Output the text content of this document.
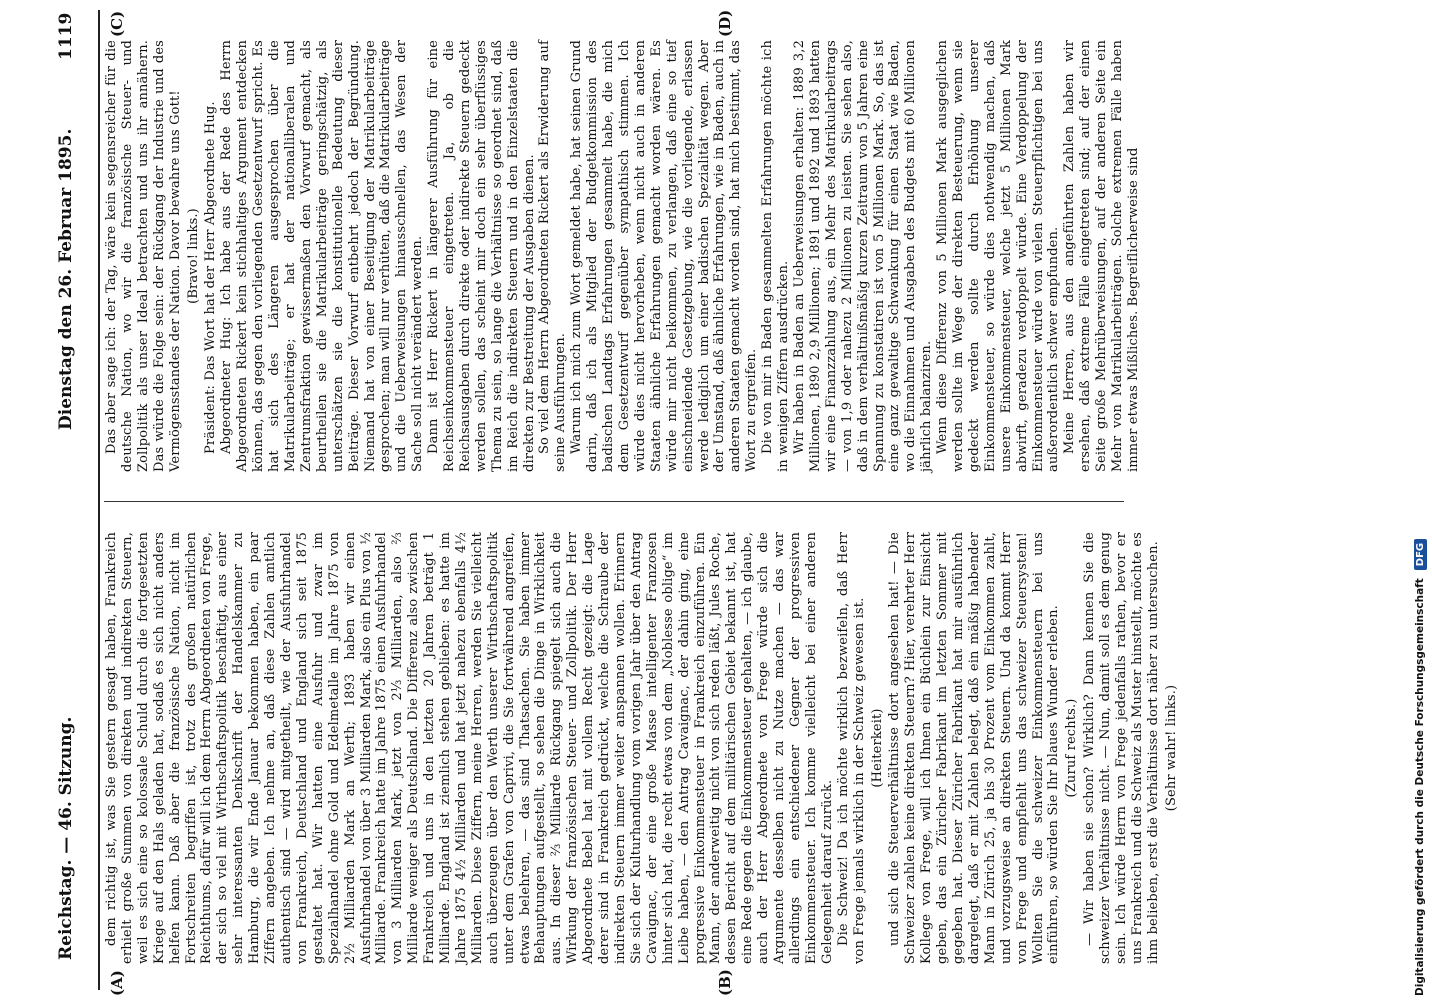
Reichstag. — 46. Sitzung.
Dienstag den 26. Februar 1895.
1119
(A)	(B)
(C)	(D)

dem richtig ist, was Sie gestern gesagt haben, Frankreich erhielt große Summen von direkten und indirekten Steuern, weil es sich eine so kolossale Schuld durch die fortgesetzten Kriege auf den Hals geladen hat, sodaß es sich nicht anders helfen kann. Daß aber die französische Nation, nicht im Fortschreiten begriffen ist, trotz des großen natürlichen Reichthums, dafür will ich dem Herrn Abgeordneten von Frege, der sich so viel mit Wirthschaftspolitik beschäftigt, aus einer sehr interessanten Denkschrift der Handelskammer zu Hamburg, die wir Ende Januar bekommen haben, ein paar Ziffern angeben. Ich nehme an, daß diese Zahlen amtlich authentisch sind — wird mitgetheilt, wie der Ausfuhrhandel von Frankreich, Deutschland und England sich seit 1875 gestaltet hat. Wir hatten eine Ausfuhr und zwar im Spezialhandel ohne Gold und Edelmetalle im Jahre 1875 von 2½ Milliarden Mark an Werth; 1893 haben wir einen Ausfuhrhandel von über 3 Milliarden Mark, also ein Plus von ½ Milliarde. Frankreich hatte im Jahre 1875 einen Ausfuhrhandel von 3 Milliarden Mark, jetzt von 2⅓ Milliarden, also ⅔ Milliarde weniger als Deutschland. Die Differenz also zwischen Frankreich und uns in den letzten 20 Jahren beträgt 1 Milliarde. England ist ziemlich stehen geblieben: es hatte im Jahre 1875 4½ Milliarden und hat jetzt nahezu ebenfalls 4½ Milliarden. Diese Ziffern, meine Herren, werden Sie vielleicht auch überzeugen über den Werth unserer Wirthschaftspolitik unter dem Grafen von Caprivi, die Sie fortwährend angreifen, etwas belehren, — das sind Thatsachen. Sie haben immer Behauptungen aufgestellt, so sehen die Dinge in Wirklichkeit aus. In dieser ⅔ Milliarde Rückgang spiegelt sich auch die Wirkung der französischen Steuer- und Zollpolitik. Der Herr Abgeordnete Bebel hat mit vollem Recht gezeigt: die Lage derer sind in Frankreich gedrückt, welche die Schraube der indirekten Steuern immer weiter anspannen wollen. Erinnern Sie sich der Kulturhandlung vom vorigen Jahr über den Antrag Cavaignac, der eine große Masse intelligenter Franzosen hinter sich hat, die recht etwas von dem „Noblesse oblige“ im Leibe haben, — den Antrag Cavaignac, der dahin ging, eine progressive Einkommensteuer in Frankreich einzuführen. Ein Mann, der anderweitig nicht von sich reden läßt, Jules Roche, dessen Bericht auf dem militärischen Gebiet bekannt ist, hat eine Rede gegen die Einkommensteuer gehalten, — ich glaube, auch der Herr Abgeordnete von Frege würde sich die Argumente desselben nicht zu Nutze machen — das war allerdings ein entschiedener Gegner der progressiven Einkommensteuer. Ich komme vielleicht bei einer anderen Gelegenheit darauf zurück. Die Schweiz! Da ich möchte wirklich bezweifeln, daß Herr von Frege jemals wirklich in der Schweiz gewesen ist. (Heiterkeit) und sich die Steuerverhältnisse dort angesehen hat! — Die Schweizer zahlen keine direkten Steuern? Hier, verehrter Herr Kollege von Frege, will ich Ihnen ein Büchlein zur Einsicht geben, das ein Züricher Fabrikant im letzten Sommer mit gegeben hat. Dieser Züricher Fabrikant hat mir ausführlich dargelegt, daß er mit Zahlen belegt, daß ein mäßig habender Mann in Zürich 25, ja bis 30 Prozent vom Einkommen zahlt, und vorzugsweise an direkten Steuern. Und da kommt Herr von Frege und empfiehlt uns das schweizer Steuersystem! Wollten Sie die schweizer Einkommensteuern bei uns einführen, so würden Sie Ihr blaues Wunder erleben. (Zuruf rechts.) — Wir haben sie schon? Wirklich? Dann kennen Sie die schweizer Verhältnisse nicht. — Nun, damit soll es dem genug sein. Ich würde Herrn von Frege jedenfalls rathen, bevor er uns Frankreich und die Schweiz als Muster hinstellt, möchte es ihm belieben, erst die Verhältnisse dort näher zu untersuchen. (Sehr wahr! links.)

Das aber sage ich: der Tag, wäre kein segensreicher für die deutsche Nation, wo wir die französische Steuer- und Zollpolitik als unser Ideal betrachten und uns ihr annähern. Das würde die Folge sein: der Rückgang der Industrie und des Vermögensstandes der Nation. Davor bewahre uns Gott! (Bravo! links.) Präsident: Das Wort hat der Herr Abgeordnete Hug. Abgeordneter Hug: Ich habe aus der Rede des Herrn Abgeordneten Rickert kein stichhaltiges Argument entdecken können, das gegen den vorliegenden Gesetzentwurf spricht. Es hat sich des Längeren ausgesprochen über die Matrikularbeiträge; er hat der nationalliberalen und Zentrumsfraktion gewissermaßen den Vorwurf gemacht, als beurtheilen sie die Matrikularbeiträge geringschätzig, als unterschätzen sie die konstitutionelle Bedeutung dieser Beiträge. Dieser Vorwurf entbehrt jedoch der Begründung. Niemand hat von einer Beseitigung der Matrikularbeiträge gesprochen; man will nur verhüten, daß die Matrikularbeiträge und die Ueberweisungen hinausschnellen, das Wesen der Sache soll nicht verändert werden. Dann ist Herr Rickert in längerer Ausführung für eine Reichseinkommensteuer eingetreten. Ja, ob die Reichsausgaben durch direkte oder indirekte Steuern gedeckt werden sollen, das scheint mir doch ein sehr überflüssiges Thema zu sein, so lange die Verhältnisse so geordnet sind, daß im Reich die indirekten Steuern und in den Einzelstaaten die direkten zur Bestreitung der Ausgaben dienen. So viel dem Herrn Abgeordneten Rickert als Erwiderung auf seine Ausführungen. Warum ich mich zum Wort gemeldet habe, hat seinen Grund darin, daß ich als Mitglied der Budgetkommission des badischen Landtags Erfahrungen gesammelt habe, die mich dem Gesetzentwurf gegenüber sympathisch stimmen. Ich würde dies nicht hervorheben, wenn nicht auch in anderen Staaten ähnliche Erfahrungen gemacht worden wären. Es würde mir nicht beikommen, zu verlangen, daß eine so tief einschneidende Gesetzgebung, wie die vorliegende, erlassen werde lediglich um einer badischen Spezialität wegen. Aber der Umstand, daß ähnliche Erfahrungen, wie in Baden, auch in anderen Staaten gemacht worden sind, hat mich bestimmt, das Wort zu ergreifen. Die von mir in Baden gesammelten Erfahrungen möchte ich in wenigen Ziffern ausdrücken. Wir haben in Baden an Ueberweisungen erhalten: 1889 3,2 Millionen, 1890 2,9 Millionen; 1891 und 1892 und 1893 hatten wir eine Finanzzahlung aus, ein Mehr des Matrikularbeitrags — von 1,9 oder nahezu 2 Millionen zu leisten. Sie sehen also, daß in dem verhältnißmäßig kurzen Zeitraum von 5 Jahren eine Spannung zu konstatiren ist von 5 Millionen Mark. So, das ist eine ganz gewaltige Schwankung für einen Staat wie Baden, wo die Einnahmen und Ausgaben des Budgets mit 60 Millionen jährlich balanziren. Wenn diese Differenz von 5 Millionen Mark ausgeglichen werden sollte im Wege der direkten Besteuerung, wenn sie gedeckt werden sollte durch Erhöhung unserer Einkommensteuer, so würde dies nothwendig machen, daß unsere Einkommensteuer, welche jetzt 5 Millionen Mark abwirft, geradezu verdoppelt würde. Eine Verdoppelung der Einkommensteuer würde von vielen Steuerpflichtigen bei uns außerordentlich schwer empfunden. Meine Herren, aus den angeführten Zahlen haben wir ersehen, daß extreme Fälle eingetreten sind; auf der einen Seite große Mehrüberweisungen, auf der anderen Seite ein Mehr von Matrikularbeiträgen. Solche extremen Fälle haben immer etwas Mißliches. Begreiflicherweise sind

Digitalisierung gefördert durch die Deutsche Forschungsgemeinschaft
DFG
